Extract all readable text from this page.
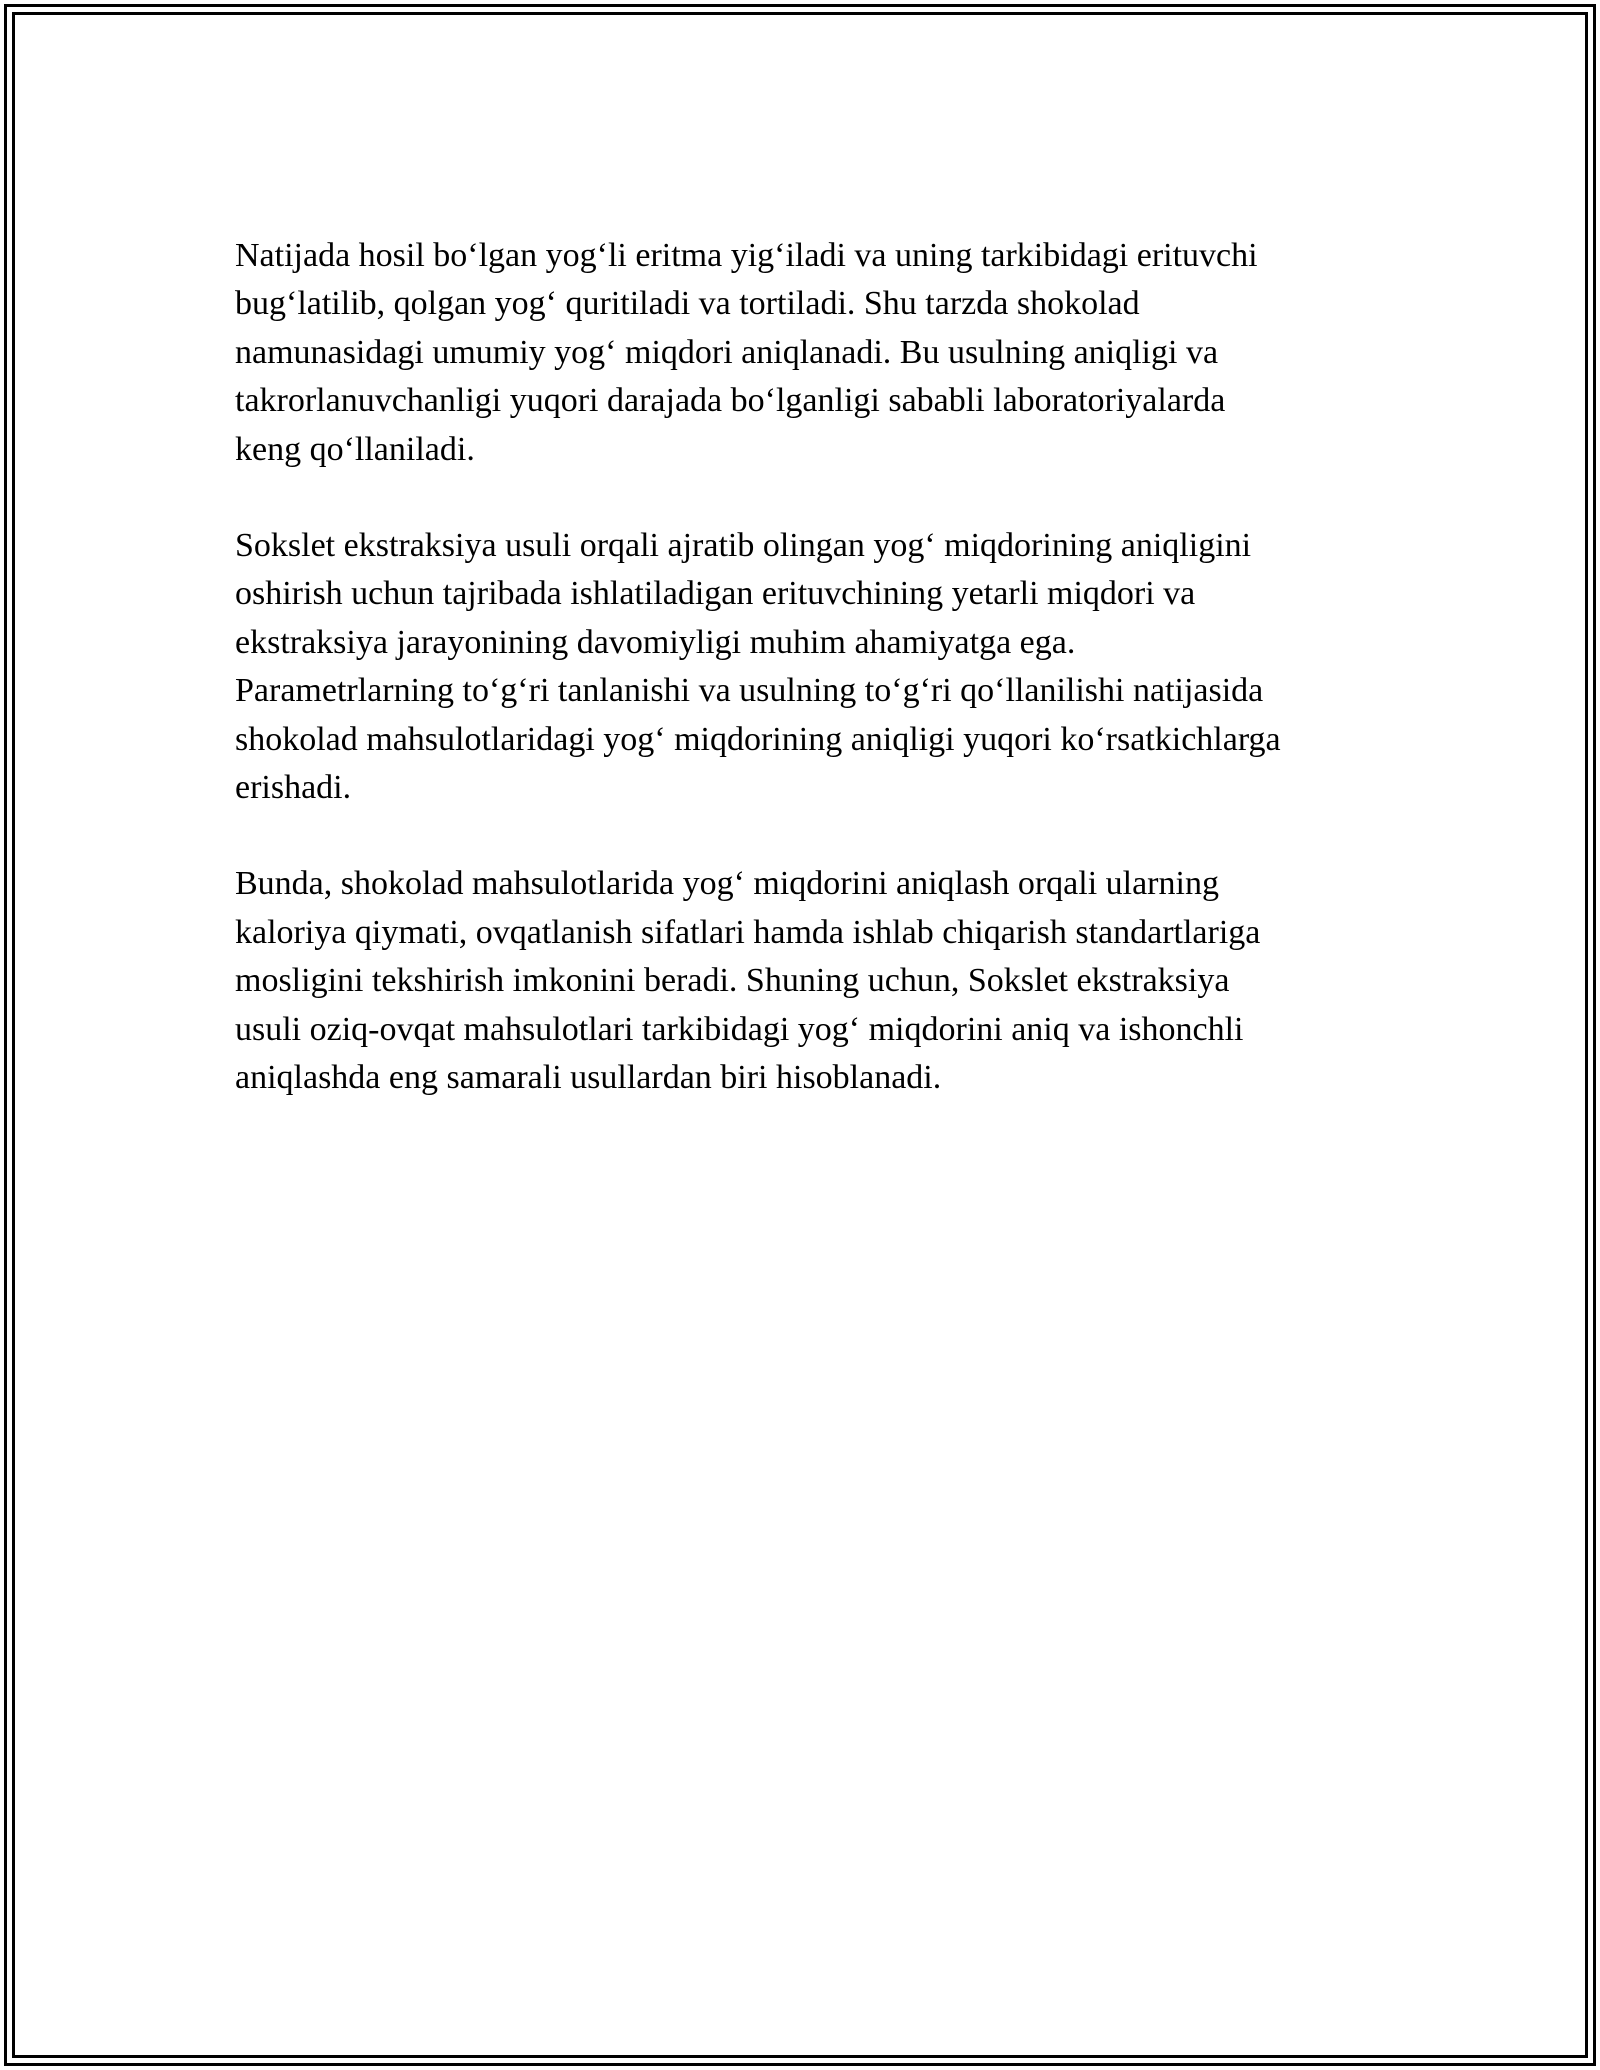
Natijada hosil bo‘lgan yog‘li eritma yig‘iladi va uning tarkibidagi erituvchi
bug‘latilib, qolgan yog‘ quritiladi va tortiladi. Shu tarzda shokolad
namunasidagi umumiy yog‘ miqdori aniqlanadi. Bu usulning aniqligi va
takrorlanuvchanligi yuqori darajada bo‘lganligi sababli laboratoriyalarda
keng qo‘llaniladi.

Sokslet ekstraksiya usuli orqali ajratib olingan yog‘ miqdorining aniqligini
oshirish uchun tajribada ishlatiladigan erituvchining yetarli miqdori va
ekstraksiya jarayonining davomiyligi muhim ahamiyatga ega.
Parametrlarning to‘g‘ri tanlanishi va usulning to‘g‘ri qo‘llanilishi natijasida
shokolad mahsulotlaridagi yog‘ miqdorining aniqligi yuqori ko‘rsatkichlarga
erishadi.

Bunda, shokolad mahsulotlarida yog‘ miqdorini aniqlash orqali ularning
kaloriya qiymati, ovqatlanish sifatlari hamda ishlab chiqarish standartlariga
mosligini tekshirish imkonini beradi. Shuning uchun, Sokslet ekstraksiya
usuli oziq-ovqat mahsulotlari tarkibidagi yog‘ miqdorini aniq va ishonchli
aniqlashda eng samarali usullardan biri hisoblanadi.
